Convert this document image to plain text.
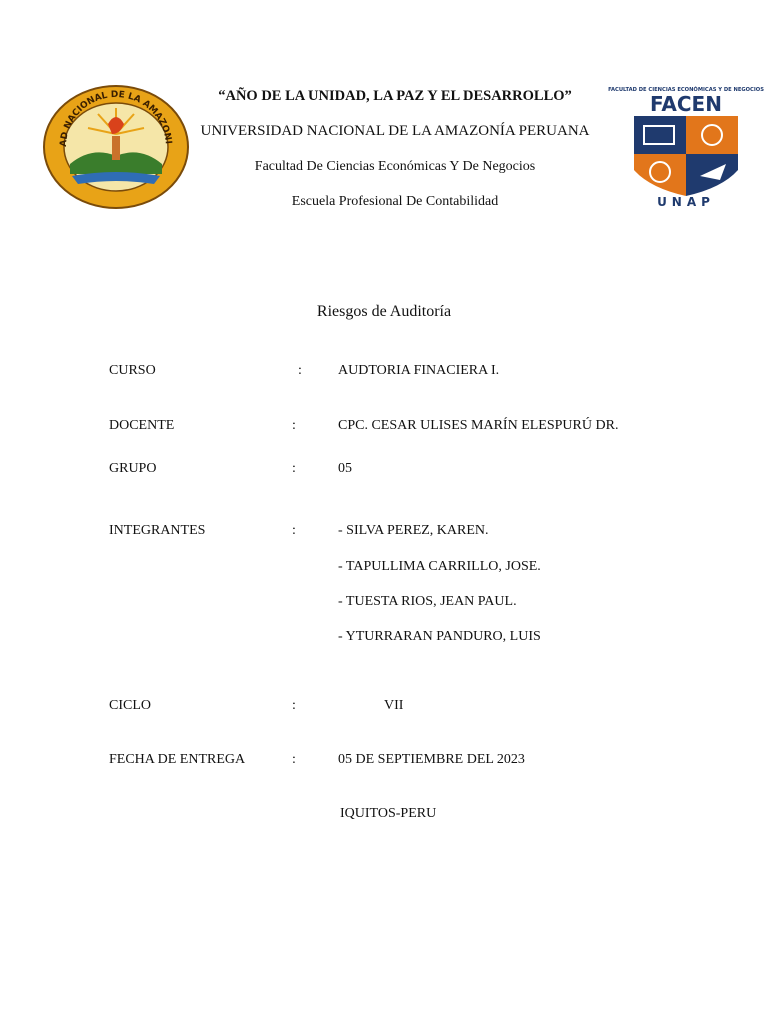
AD NACIONAL DE LA AMAZONI
FACULTAD DE CIENCIAS ECONÓMICAS Y DE NEGOCIOS
FACEN
UNAP
“AÑO DE LA UNIDAD, LA PAZ Y EL DESARROLLO”
UNIVERSIDAD NACIONAL DE LA AMAZONÍA PERUANA
Facultad De Ciencias Económicas Y De Negocios
Escuela Profesional De Contabilidad
Riesgos de Auditoría
CURSO	:	AUDTORIA FINACIERA I.
DOCENTE	:	CPC. CESAR ULISES MARÍN ELESPURÚ DR.
GRUPO	:	05
INTEGRANTES	:	- SILVA PEREZ, KAREN.
- TAPULLIMA CARRILLO, JOSE.
- TUESTA RIOS, JEAN PAUL.
- YTURRARAN PANDURO, LUIS
CICLO	:	VII
FECHA DE ENTREGA	:	05 DE SEPTIEMBRE DEL 2023
IQUITOS-PERU
